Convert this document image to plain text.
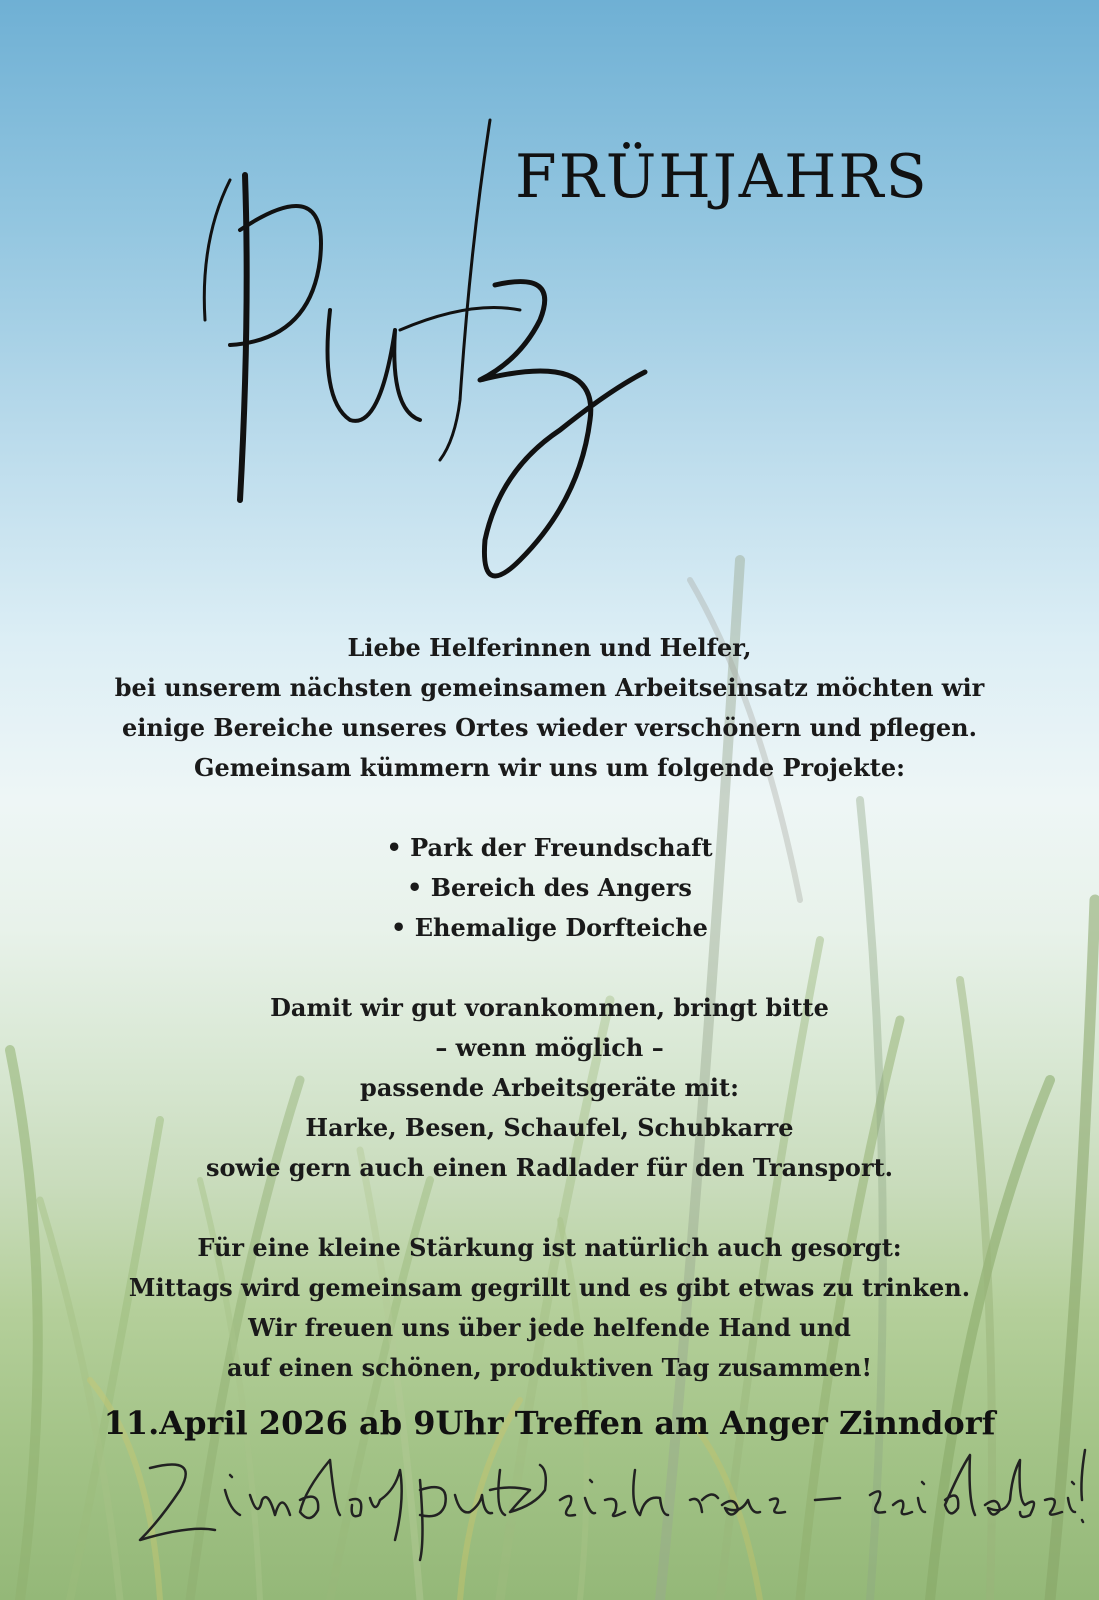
FRÜHJAHRS

Liebe Helferinnen und Helfer,

bei unserem nächsten gemeinsamen Arbeitseinsatz möchten wir

einige Bereiche unseres Ortes wieder verschönern und pflegen.

Gemeinsam kümmern wir uns um folgende Projekte:

• Park der Freundschaft

• Bereich des Angers

• Ehemalige Dorfteiche

Damit wir gut vorankommen, bringt bitte

– wenn möglich –

passende Arbeitsgeräte mit:

Harke, Besen, Schaufel, Schubkarre

sowie gern auch einen Radlader für den Transport.

Für eine kleine Stärkung ist natürlich auch gesorgt:

Mittags wird gemeinsam gegrillt und es gibt etwas zu trinken.

Wir freuen uns über jede helfende Hand und

auf einen schönen, produktiven Tag zusammen!

11.April 2026 ab 9Uhr Treffen am Anger Zinndorf
